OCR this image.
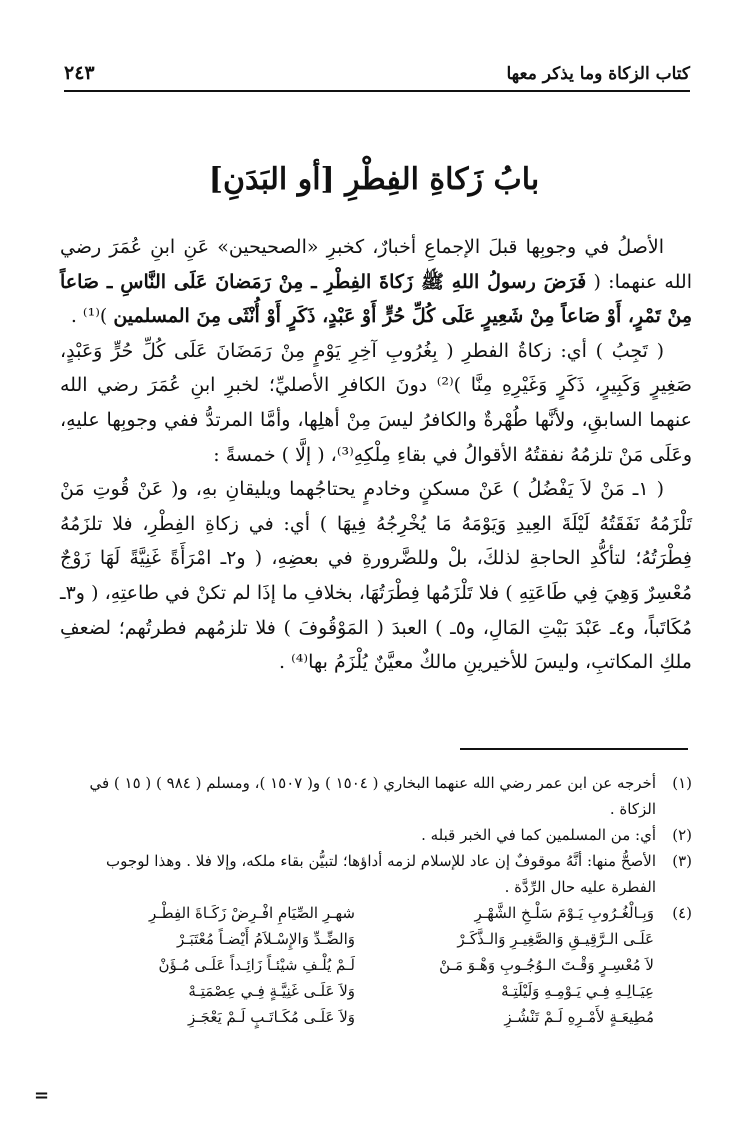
كتاب الزكاة وما يذكر معها
٢٤٣
بابُ زَكاةِ الفِطْرِ [أو البَدَنِ]

الأصلُ في وجوبِها قبلَ الإجماعِ أخبارٌ، كخبرِ «الصحيحين» عَنِ ابنِ عُمَرَ رضي الله عنهما: ( فَرَضَ رسولُ اللهِ ﷺ زَكاةَ الفِطْرِ ـ مِنْ رَمَضانَ عَلَى النَّاسِ ـ صَاعاً مِنْ تَمْرٍ، أَوْ صَاعاً مِنْ شَعِيرٍ عَلَى كُلِّ حُرٍّ أَوْ عَبْدٍ، ذَكَرٍ أَوْ أُنْثَى مِنَ المسلمين )⁽¹⁾ .

( تَجِبُ ) أي: زكاةُ الفطرِ ( بِغُرُوبِ آخِرِ يَوْمٍ مِنْ رَمَضَانَ عَلَى كُلِّ حُرٍّ وَعَبْدٍ، صَغِيرٍ وَكَبِيرٍ، ذَكَرٍ وَغَيْرِهِ مِنَّا )⁽²⁾ دونَ الكافرِ الأصليِّ؛ لخبرِ ابنِ عُمَرَ رضي الله عنهما السابقِ، ولأنَّها طُهْرةٌ والكافرُ ليسَ مِنْ أهلِها، وأمَّا المرتدُّ ففي وجوبِها عليهِ، وعَلَى مَنْ تلزمُهُ نفقتُهُ الأقوالُ في بقاءِ مِلْكِهِ⁽³⁾، ( إلَّا ) خمسةً :

( ١ـ مَنْ لاَ يَفْضُلُ ) عَنْ مسكنٍ وخادمٍ يحتاجُهما ويليقانِ بهِ، و( عَنْ قُوتِ مَنْ تَلْزَمُهُ نَفَقَتُهُ لَيْلَةَ العِيدِ وَيَوْمَهُ مَا يُخْرِجُهُ فِيهَا ) أي: في زكاةِ الفِطْرِ، فلا تلزَمُهُ فِطْرَتُهُ؛ لتأكُّدِ الحاجةِ لذلكَ، بلْ وللضَّرورةِ في بعضِهِ، ( و٢ـ امْرَأَةً غَنِيَّةً لَهَا زَوْجٌ مُعْسِرٌ وَهِيَ فِي طَاعَتِهِ ) فلا تَلْزَمُها فِطْرَتُهَا، بخلافِ ما إذَا لم تكنْ في طاعتِهِ، ( و٣ـ مُكَاتَباً، و٤ـ عَبْدَ بَيْتِ المَالِ، و٥ـ ) العبدَ ( المَوْقُوفَ ) فلا تلزمُهم فطرتُهم؛ لضعفِ ملكِ المكاتبِ، وليسَ للأخيرينِ مالكٌ معيَّنٌ يُلْزَمُ بها⁽⁴⁾ .

(١)
أخرجه عن ابن عمر رضي الله عنهما البخاري ( ١٥٠٤ ) و( ١٥٠٧ )، ومسلم ( ٩٨٤ ) ( ١٥ ) في الزكاة .
(٢)
أي: من المسلمين كما في الخبر قبله .
(٣)
الأصحُّ منها: أنَّهُ موقوفٌ إن عاد للإسلام لزمه أداؤها؛ لتبيُّن بقاء ملكه، وإلا فلا . وهذا لوجوب الفطرة عليه حال الرِّدَّة .
(٤)
وَبِـالْغُـرُوبِ يَـوْمَ سَلْـخِ الشَّهْـرِ	شهـرِ الصِّيَامِ افْـرِضْ زَكَـاةَ الفِطْـرِ
عَلَـى الـرَّقِيـقِ وَالصَّغِيـرِ وَالـذَّكَـرْ	وَالضِّـدِّ وَالإِسْـلاَمُ أَيْضـاً مُعْتَبَـرْ
لاَ مُعْسِـرٍ وَقْـتَ الـوُجُـوبِ وَهْـوَ مَـنْ	لَـمْ يُلْـفِ شيْئـاً زَائِـداً عَلَـى مُـؤَنْ
عِيَـالِـهِ فِـي يَـوْمِـهِ وَلَيْلَتِـهْ	وَلاَ عَلَـى غَنِيَّـةٍ فِـي عِصْمَتِـهْ
مُطِيعَـةٍ لأَمْـرِهِ لَـمْ تَنْشُـزِ	وَلاَ عَلَـى مُكَـاتَـبٍ لَـمْ يَعْجَـزِ
=
